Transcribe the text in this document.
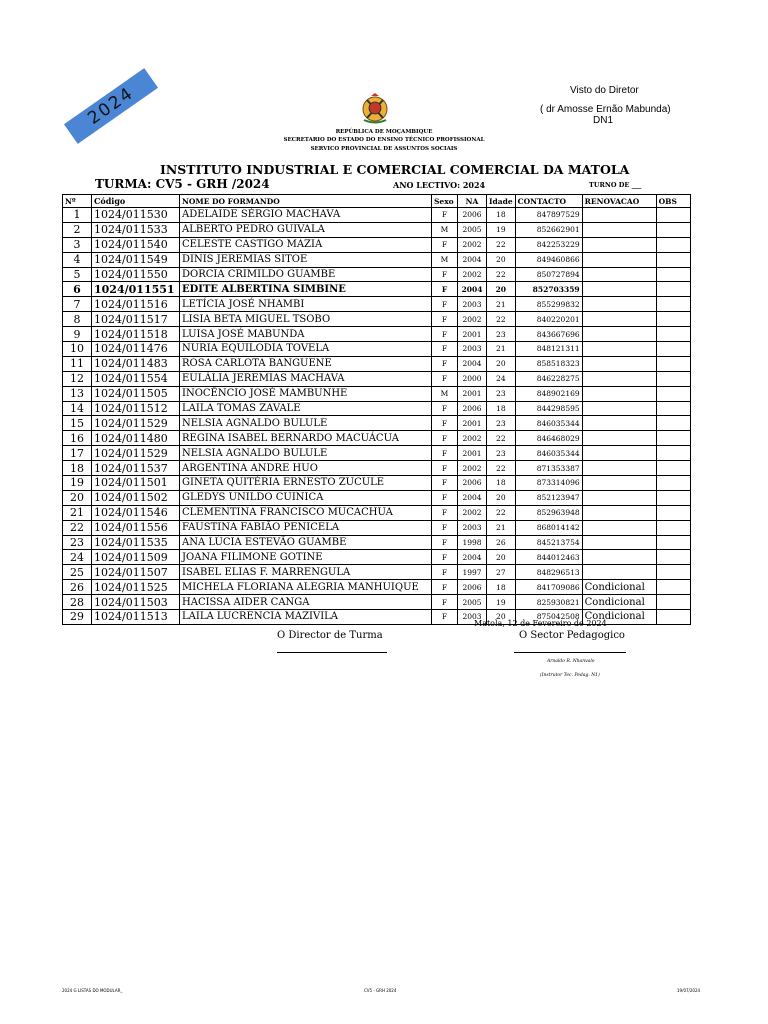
2024	Visto do Diretor
( dr Amosse Ernão Mabunda)
DN1
REPÚBLICA DE MOÇAMBIQUE
SECRETARIO DO ESTADO DO ENSINO TÉCNICO PROFISSIONAL
SERVICO PROVINCIAL DE ASSUNTOS SOCIAIS
INSTITUTO INDUSTRIAL E COMERCIAL COMERCIAL DA MATOLA
TURMA: CV5 - GRH /2024	ANO LECTIVO: 2024	TURNO DE ___
Nº	Código	NOME DO FORMANDO	Sexo	NA	Idade	CONTACTO	RENOVACAO	OBS
1	1024/011530	ADELAIDE SÉRGIO MACHAVA	F	2006	18	847897529		
2	1024/011533	ALBERTO PEDRO GUIVALA	M	2005	19	852662901		
3	1024/011540	CELESTE CASTIGO MAZIA	F	2002	22	842253229		
4	1024/011549	DINIS JEREMIAS SITOE	M	2004	20	849460866		
5	1024/011550	DORCIA CRIMILDO GUAMBE	F	2002	22	850727894		
6	1024/011551	EDITE ALBERTINA SIMBINE	F	2004	20	852703359		
7	1024/011516	LETÍCIA JOSÉ NHAMBI	F	2003	21	855299832		
8	1024/011517	LISIA BETA MIGUEL TSOBO	F	2002	22	840220201		
9	1024/011518	LUISA JOSÉ MABUNDA	F	2001	23	843667696		
10	1024/011476	NURIA EQUILODIA TOVELA	F	2003	21	848121311		
11	1024/011483	ROSA CARLOTA BANGUENE	F	2004	20	858518323		
12	1024/011554	EULÁLIA JEREMIAS MACHAVA	F	2000	24	846228275		
13	1024/011505	INOCÊNCIO JOSÉ MAMBUNHE	M	2001	23	848902169		
14	1024/011512	LAILA TOMAS ZAVALE	F	2006	18	844298595		
15	1024/011529	NELSIA AGNALDO BULULE	F	2001	23	846035344		
16	1024/011480	REGINA ISABEL BERNARDO MACUÁCUA	F	2002	22	846468029		
17	1024/011529	NELSIA AGNALDO BULULE	F	2001	23	846035344		
18	1024/011537	ARGENTINA ANDRE HUO	F	2002	22	871353387		
19	1024/011501	GINETA QUITÉRIA ERNESTO ZUCULE	F	2006	18	873314096		
20	1024/011502	GLEDYS UNILDO CUINICA	F	2004	20	852123947		
21	1024/011546	CLEMENTINA FRANCISCO MUCACHUA	F	2002	22	852963948		
22	1024/011556	FAUSTINA FABIÃO PENICELA	F	2003	21	868014142		
23	1024/011535	ANA LÚCIA ESTEVÃO GUAMBE	F	1998	26	845213754		
24	1024/011509	JOANA FILIMONE GOTINE	F	2004	20	844012463		
25	1024/011507	ISABEL ELIAS F. MARRENGULA	F	1997	27	848296513		
26	1024/011525	MICHELA FLORIANA ALEGRIA MANHUIQUE	F	2006	18	841709086	Condicional	
28	1024/011503	HACISSA AIDER CANGA	F	2005	19	825930821	Condicional	
29	1024/011513	LAILA LUCRENCIA MAZIVILA	F	2003	20	875042508	Condicional	
Matola, 12 de Fevereiro de 2024
O Director de Turma	O Sector Pedagogico
Arnaldo R. Nhanvalo
(Instrutor Tec. Pedag. N1)
2024 G LISTAS DO MODULAR_	CV5 - GRH 2024	19/07/2024
